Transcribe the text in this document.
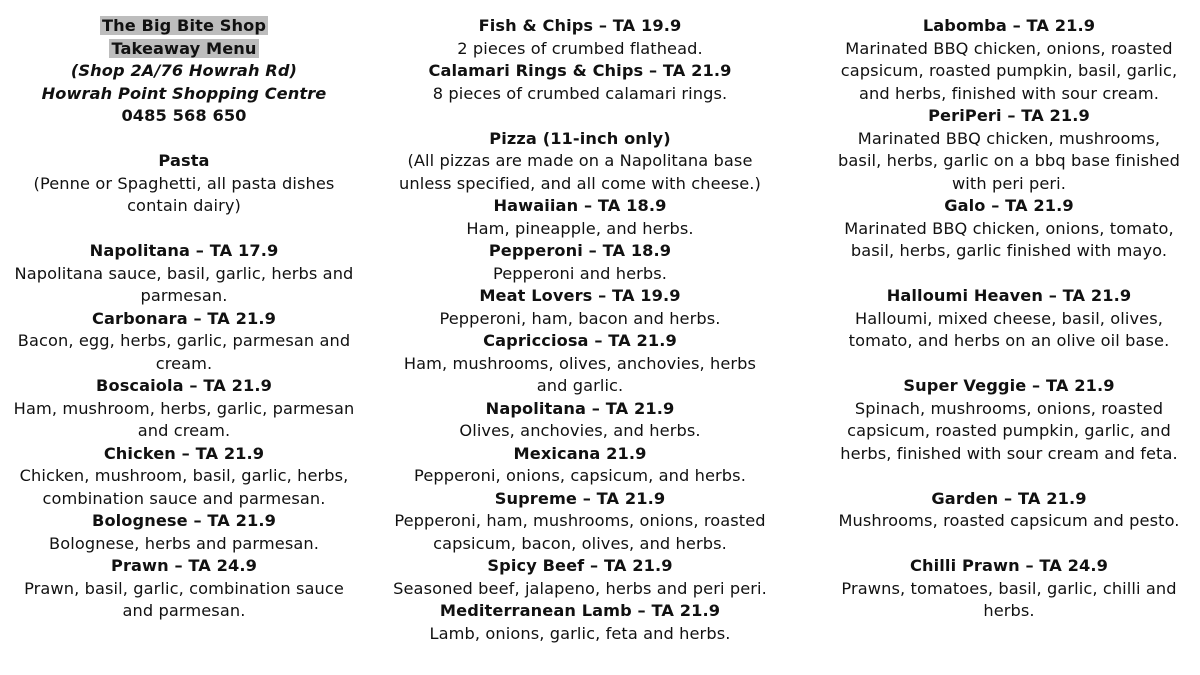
The Big Bite Shop
Takeaway Menu
(Shop 2A/76 Howrah Rd)
Howrah Point Shopping Centre
0485 568 650
Pasta
(Penne or Spaghetti, all pasta dishes
contain dairy)
Napolitana – TA 17.9
Napolitana sauce, basil, garlic, herbs and
parmesan.
Carbonara – TA 21.9
Bacon, egg, herbs, garlic, parmesan and
cream.
Boscaiola – TA 21.9
Ham, mushroom, herbs, garlic, parmesan
and cream.
Chicken – TA 21.9
Chicken, mushroom, basil, garlic, herbs,
combination sauce and parmesan.
Bolognese – TA 21.9
Bolognese, herbs and parmesan.
Prawn – TA 24.9
Prawn, basil, garlic, combination sauce
and parmesan.
Fish & Chips – TA 19.9
2 pieces of crumbed flathead.
Calamari Rings & Chips – TA 21.9
8 pieces of crumbed calamari rings.
Pizza (11-inch only)
(All pizzas are made on a Napolitana base
unless specified, and all come with cheese.)
Hawaiian – TA 18.9
Ham, pineapple, and herbs.
Pepperoni – TA 18.9
Pepperoni and herbs.
Meat Lovers – TA 19.9
Pepperoni, ham, bacon and herbs.
Capricciosa – TA 21.9
Ham, mushrooms, olives, anchovies, herbs
and garlic.
Napolitana – TA 21.9
Olives, anchovies, and herbs.
Mexicana 21.9
Pepperoni, onions, capsicum, and herbs.
Supreme – TA 21.9
Pepperoni, ham, mushrooms, onions, roasted
capsicum, bacon, olives, and herbs.
Spicy Beef – TA 21.9
Seasoned beef, jalapeno, herbs and peri peri.
Mediterranean Lamb – TA 21.9
Lamb, onions, garlic, feta and herbs.
Labomba – TA 21.9
Marinated BBQ chicken, onions, roasted
capsicum, roasted pumpkin, basil, garlic,
and herbs, finished with sour cream.
PeriPeri – TA 21.9
Marinated BBQ chicken, mushrooms,
basil, herbs, garlic on a bbq base finished
with peri peri.
Galo – TA 21.9
Marinated BBQ chicken, onions, tomato,
basil, herbs, garlic finished with mayo.
Halloumi Heaven – TA 21.9
Halloumi, mixed cheese, basil, olives,
tomato, and herbs on an olive oil base.
Super Veggie – TA 21.9
Spinach, mushrooms, onions, roasted
capsicum, roasted pumpkin, garlic, and
herbs, finished with sour cream and feta.
Garden – TA 21.9
Mushrooms, roasted capsicum and pesto.
Chilli Prawn – TA 24.9
Prawns, tomatoes, basil, garlic, chilli and
herbs.
